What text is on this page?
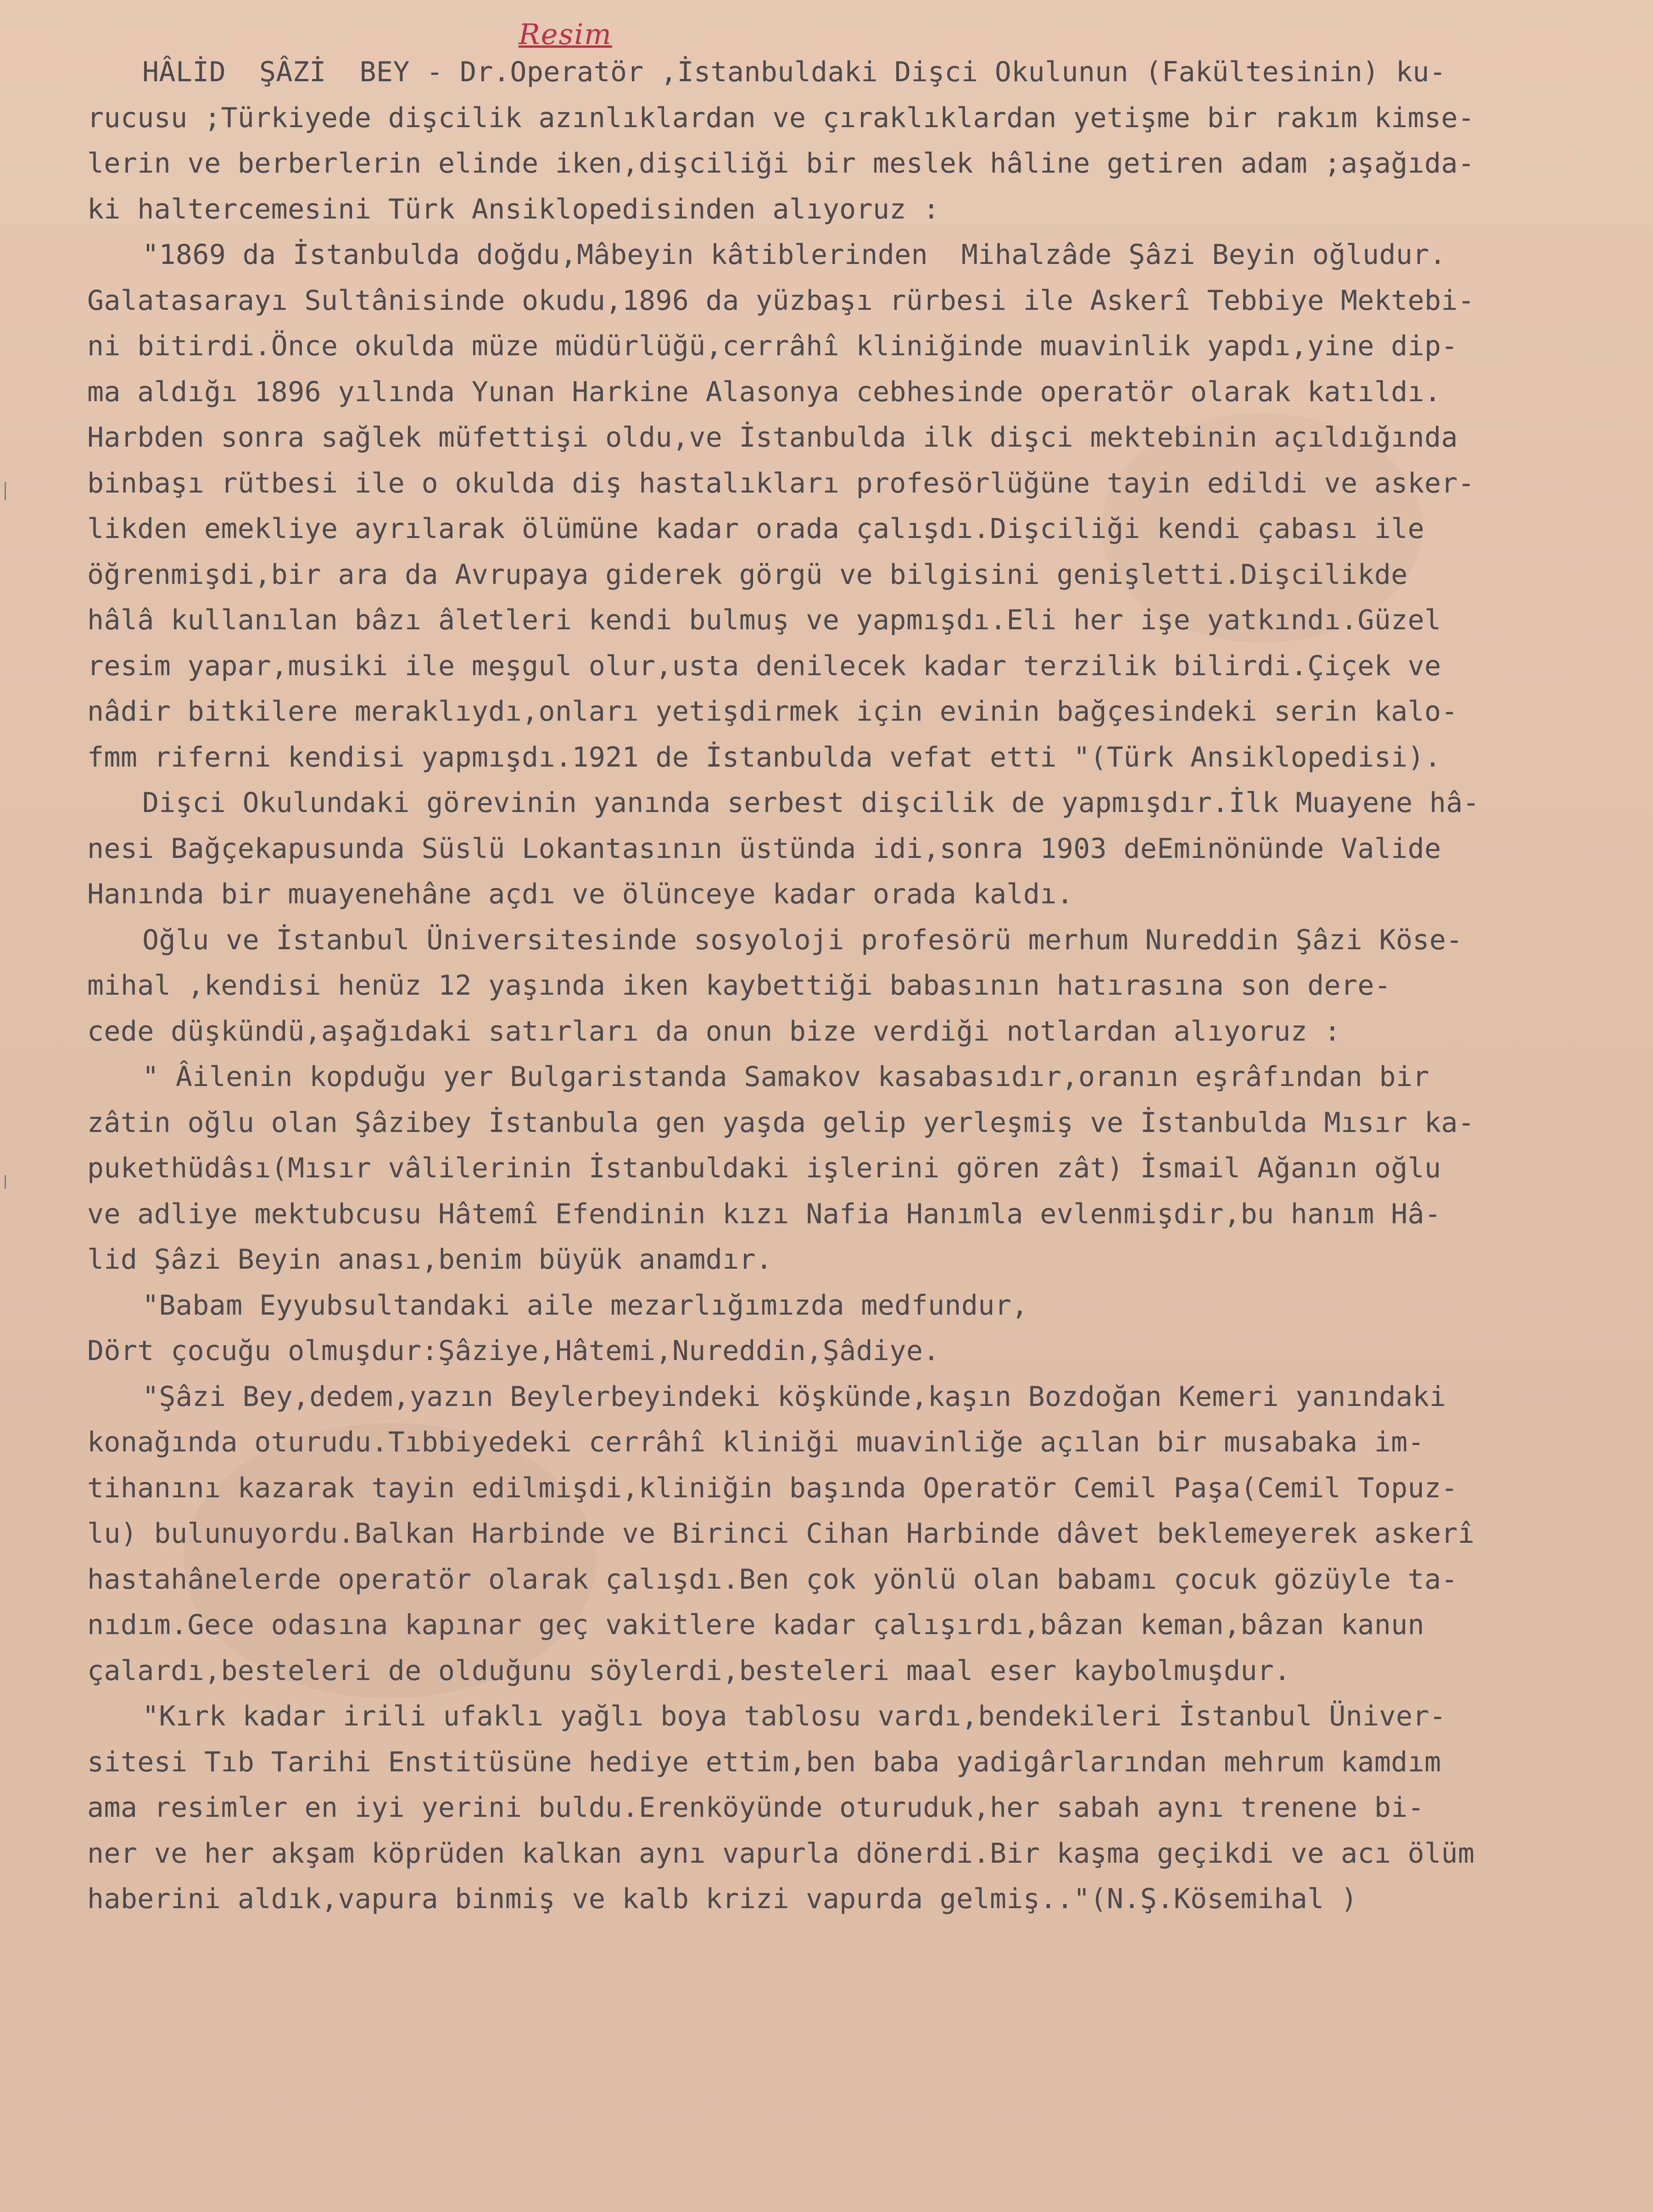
Resim
HÂLİD  ŞÂZİ  BEY - Dr.Operatör ,İstanbuldaki Dişci Okulunun (Fakültesinin) ku-
rucusu ;Türkiyede dişcilik azınlıklardan ve çıraklıklardan yetişme bir rakım kimse-
lerin ve berberlerin elinde iken,dişciliği bir meslek hâline getiren adam ;aşağıda-
ki haltercemesini Türk Ansiklopedisinden alıyoruz :
"1869 da İstanbulda doğdu,Mâbeyin kâtiblerinden  Mihalzâde Şâzi Beyin oğludur.
Galatasarayı Sultânisinde okudu,1896 da yüzbaşı rürbesi ile Askerî Tebbiye Mektebi-
ni bitirdi.Önce okulda müze müdürlüğü,cerrâhî kliniğinde muavinlik yapdı,yine dip-
ma aldığı 1896 yılında Yunan Harkine Alasonya cebhesinde operatör olarak katıldı.
Harbden sonra sağlek müfettişi oldu,ve İstanbulda ilk dişci mektebinin açıldığında
binbaşı rütbesi ile o okulda diş hastalıkları profesörlüğüne tayin edildi ve asker-
likden emekliye ayrılarak ölümüne kadar orada çalışdı.Dişciliği kendi çabası ile
öğrenmişdi,bir ara da Avrupaya giderek görgü ve bilgisini genişletti.Dişcilikde
hâlâ kullanılan bâzı âletleri kendi bulmuş ve yapmışdı.Eli her işe yatkındı.Güzel
resim yapar,musiki ile meşgul olur,usta denilecek kadar terzilik bilirdi.Çiçek ve
nâdir bitkilere meraklıydı,onları yetişdirmek için evinin bağçesindeki serin kalo-
fmm riferni kendisi yapmışdı.1921 de İstanbulda vefat etti "(Türk Ansiklopedisi).
Dişci Okulundaki görevinin yanında serbest dişcilik de yapmışdır.İlk Muayene hâ-
nesi Bağçekapusunda Süslü Lokantasının üstünda idi,sonra 1903 deEminönünde Valide
Hanında bir muayenehâne açdı ve ölünceye kadar orada kaldı.
Oğlu ve İstanbul Üniversitesinde sosyoloji profesörü merhum Nureddin Şâzi Köse-
mihal ,kendisi henüz 12 yaşında iken kaybettiği babasının hatırasına son dere-
cede düşkündü,aşağıdaki satırları da onun bize verdiği notlardan alıyoruz :
" Âilenin kopduğu yer Bulgaristanda Samakov kasabasıdır,oranın eşrâfından bir
zâtin oğlu olan Şâzibey İstanbula gen yaşda gelip yerleşmiş ve İstanbulda Mısır ka-
pukethüdâsı(Mısır vâlilerinin İstanbuldaki işlerini gören zât) İsmail Ağanın oğlu
ve adliye mektubcusu Hâtemî Efendinin kızı Nafia Hanımla evlenmişdir,bu hanım Hâ-
lid Şâzi Beyin anası,benim büyük anamdır.
"Babam Eyyubsultandaki aile mezarlığımızda medfundur,
Dört çocuğu olmuşdur:Şâziye,Hâtemi,Nureddin,Şâdiye.
"Şâzi Bey,dedem,yazın Beylerbeyindeki köşkünde,kaşın Bozdoğan Kemeri yanındaki
konağında oturudu.Tıbbiyedeki cerrâhî kliniği muavinliğe açılan bir musabaka im-
tihanını kazarak tayin edilmişdi,kliniğin başında Operatör Cemil Paşa(Cemil Topuz-
lu) bulunuyordu.Balkan Harbinde ve Birinci Cihan Harbinde dâvet beklemeyerek askerî
hastahânelerde operatör olarak çalışdı.Ben çok yönlü olan babamı çocuk gözüyle ta-
nıdım.Gece odasına kapınar geç vakitlere kadar çalışırdı,bâzan keman,bâzan kanun
çalardı,besteleri de olduğunu söylerdi,besteleri maal eser kaybolmuşdur.
"Kırk kadar irili ufaklı yağlı boya tablosu vardı,bendekileri İstanbul Üniver-
sitesi Tıb Tarihi Enstitüsüne hediye ettim,ben baba yadigârlarından mehrum kamdım
ama resimler en iyi yerini buldu.Erenköyünde oturuduk,her sabah aynı trenene bi-
ner ve her akşam köprüden kalkan aynı vapurla dönerdi.Bir kaşma geçikdi ve acı ölüm
haberini aldık,vapura binmiş ve kalb krizi vapurda gelmiş.."(N.Ş.Kösemihal )
